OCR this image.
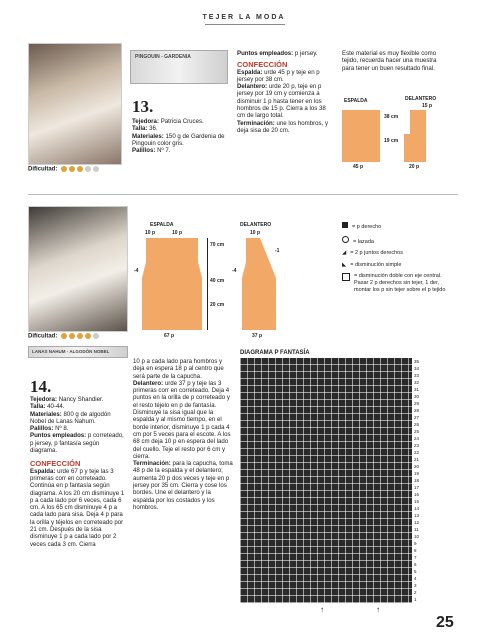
TEJER LA MODA
Dificultad:
PINGOUIN - GARDENIA
13.
Tejedora: Patricia Cruces.
Talla: 36.
Materiales: 150 g de Gardenia de Pingouin color gris.
Palillos: Nº 7.
Puntos empleados: p jersey.
CONFECCIÓN
Espalda: urde 45 p y teje en p jersey por 38 cm.
Delantero: urde 20 p, teje en p jersey por 19 cm y comienza a disminuir 1 p hasta tener en los hombros de 15 p. Cierra a los 38 cm de largo total.
Terminación: une los hombros, y deja sisa de 20 cm.
Este material es muy flexible como tejido, recuerda hacer una muestra para tener un buen resultado final.
ESPALDA	DELANTERO
15 p
38 cm
19 cm
45 p	20 p
Dificultad:
ESPALDA
10 p	10 p
-4
70 cm
40 cm
20 cm
67 p
DELANTERO
10 p
-4
-1
37 p
= p derecho
= lazada
◢ = 2 p juntos derechos
◣ = disminución simple
= disminución doble con eje central. Pasar 2 p derechos sin tejer, 1 der, montar los p sin tejer sobre el p tejido
LANAS NAHUM - ALGODÓN NOBEL
14.
Tejedora: Nancy Shandier.
Talla: 40-44.
Materiales: 800 g de algodón Nobel de Lanas Nahum.
Palillos: Nº 8.
Puntos empleados: p correteado, p jersey, p fantasía según diagrama.
CONFECCIÓN
Espalda: urde 67 p y teje las 3 primeras corr en correteado. Continúa en p fantasía según diagrama. A los 20 cm disminuye 1 p a cada lado por 6 veces, cada 6 cm. A los 65 cm disminuye 4 p a cada lado para sisa. Deja 4 p para la orilla y téjelos en correteado por 21 cm. Después de la sisa disminuye 1 p a cada lado por 2 veces cada 3 cm. Cierra
10 p a cada lado para hombros y deja en espera 18 p al centro que será parte de la capucha.
Delantero: urde 37 p y teje las 3 primeras corr en correteado. Deja 4 puntos en la orilla de p correteado y el resto téjelo en p de fantasía. Disminuye la sisa igual que la espalda y al mismo tiempo, en el borde interior, disminuye 1 p cada 4 cm por 5 veces para el escote. A los 68 cm deja 10 p en espera del lado del cuello. Teje el resto por 6 cm y cierra.
Terminación: para la capucha, toma 48 p de la espalda y el delantero; aumenta 20 p dos veces y teje en p jersey por 35 cm. Cierra y cose los bordes. Une el delantero y la espalda por los costados y los hombros.
DIAGRAMA P FANTASÍA
35
34
33
32
31
30
29
28
27
26
25
24
23
22
21
20
19
18
17
16
15
14
13
12
11
10
9
8
7
6
5
4
3
2
1
↑	↑
25
